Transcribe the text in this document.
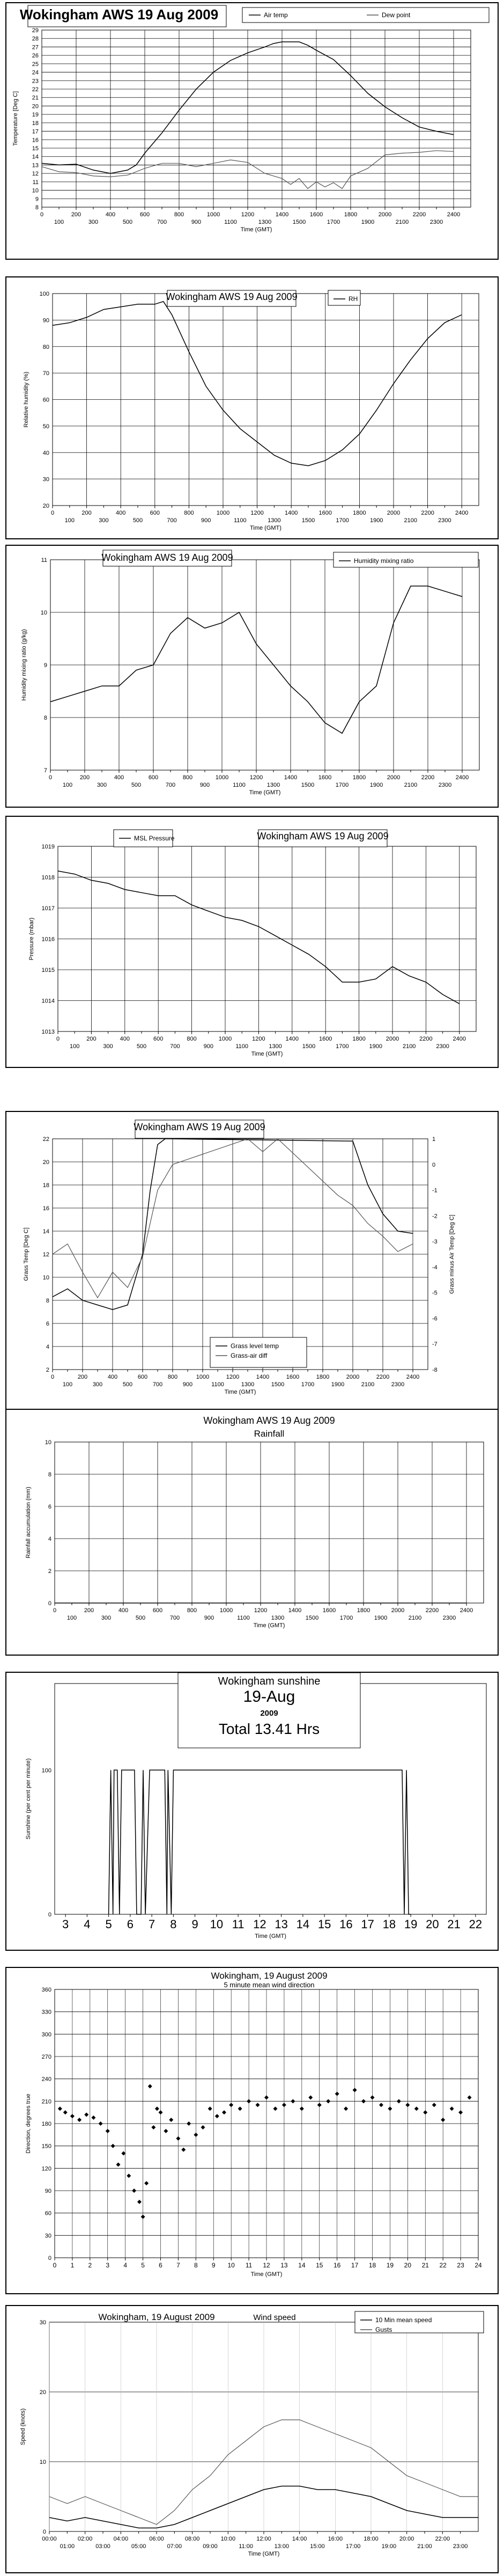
8
9
10
11
12
13
14
15
16
17
18
19
20
21
22
23
24
25
26
27
28
29
0	200	400	600	800	1000	1200	1400	1600	1800	2000	2200	2400
100	300	500	700	900	1100	1300	1500	1700	1900	2100	2300
Time (GMT)
Temperature [Deg C]
Wokingham AWS 19 Aug 2009	Air temp	Dew point
20
30
40
50
60
70
80
90
100
0	200	400	600	800	1000	1200	1400	1600	1800	2000	2200	2400
100	300	500	700	900	1100	1300	1500	1700	1900	2100	2300
Time (GMT)
Relative humidity (%)
Wokingham AWS 19 Aug 2009	RH
7
8
9
10
11
0	200	400	600	800	1000	1200	1400	1600	1800	2000	2200	2400
100	300	500	700	900	1100	1300	1500	1700	1900	2100	2300
Time (GMT)
Humidity mixing ratio (g/kg)
Wokingham AWS 19 Aug 2009	Humidity mixing ratio
1013
1014
1015
1016
1017
1018
1019
0	200	400	600	800	1000	1200	1400	1600	1800	2000	2200	2400
100	300	500	700	900	1100	1300	1500	1700	1900	2100	2300
Time (GMT)
Pressure (mbar)
Wokingham AWS 19 Aug 2009
MSL Pressure
2
4
6
8
10
12
14
16
18
20
22
-8
-7
-6
-5
-4
-3
-2
-1
0
1
Grass minus Air Temp [Deg C]
0	200	400	600	800	1000	1200	1400	1600	1800	2000	2200	2400
100	300	500	700	900	1100	1300	1500	1700	1900	2100	2300
Time (GMT)
Grass Temp [Deg C]
Wokingham AWS 19 Aug 2009
Grass level temp
Grass-air diff
0
2
4
6
8
10
0	200	400	600	800	1000	1200	1400	1600	1800	2000	2200	2400
100	300	500	700	900	1100	1300	1500	1700	1900	2100	2300
Time (GMT)
Rainfall accumulation (mm)
Wokingham AWS 19 Aug 2009
Rainfall
0
100
3 4 5 6 7 8 9 10 11 12 13 14 15 16 17 18 19 20 21 22
Time (GMT)
Sunshine (per cent per minute)
Wokingham sunshine
19-Aug
2009
Total 13.41 Hrs
0
30
60
90
120
150
180
210
240
270
300
330
360
0 1 2 3 4 5 6 7 8 9 10 11 12 13 14 15 16 17 18 19 20 21 22 23 24
Time (GMT)
Direction, degrees true
Wokingham, 19 August 2009
5 minute mean wind direction
0
10
20
30
00:00	02:00	04:00	06:00	08:00	10:00	12:00	14:00	16:00	18:00	20:00	22:00
01:00	03:00	05:00	07:00	09:00	11:00	13:00	15:00	17:00	19:00	21:00	23:00
Time (GMT)
Speed (knots)
Wokingham, 19 August 2009	Wind speed	10 Min mean speed
Gusts
